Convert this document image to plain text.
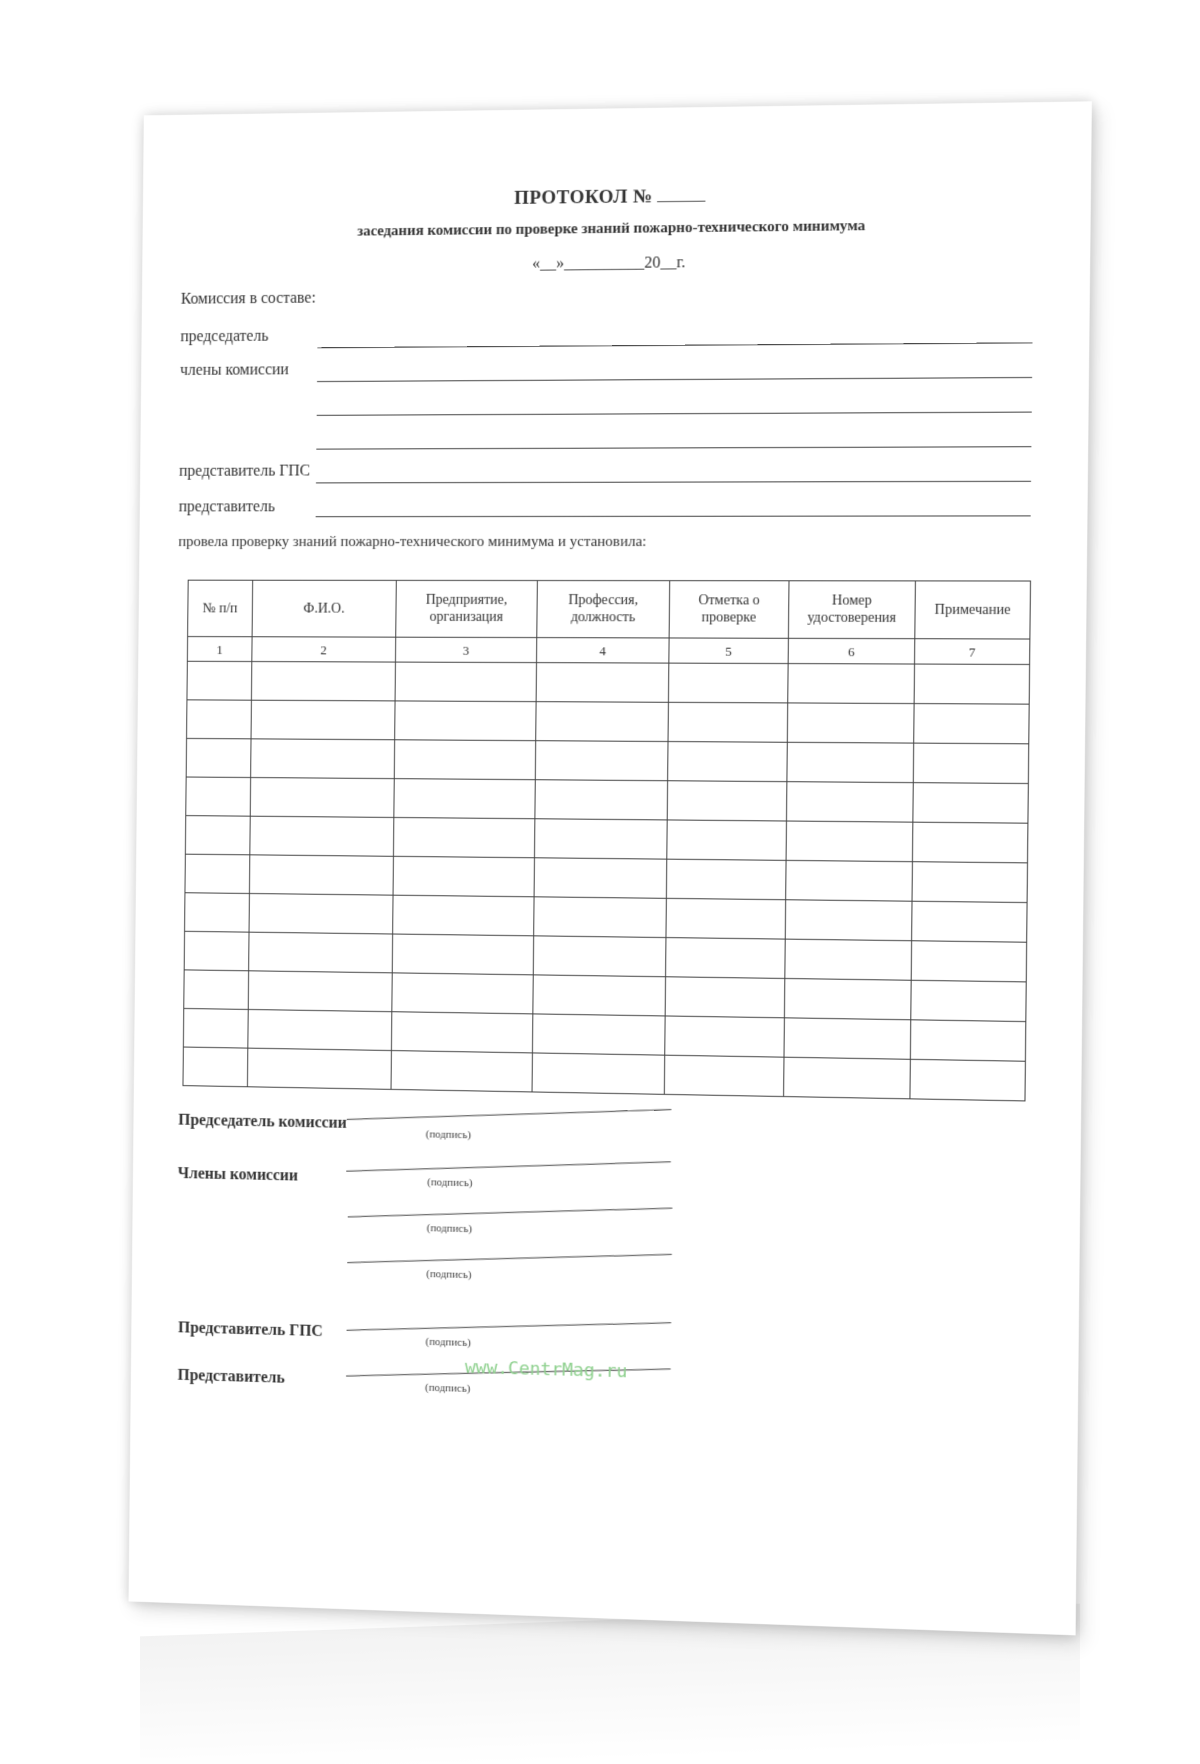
ПРОТОКОЛ №
заседания комиссии по проверке знаний пожарно-технического минимума
«__»__________20__г.
Комиссия в составе:
председатель
члены комиссии
представитель ГПС
представитель
провела проверку знаний пожарно-технического минимума и установила:
№ п/п	Ф.И.О.	Предприятие, организация	Профессия, должность	Отметка о проверке	Номер удостоверения	Примечание
1	2	3	4	5	6	7

Председатель комиссии
(подпись)
Члены комиссии	(подпись)
(подпись)
(подпись)
Представитель ГПС
(подпись)
Представитель
(подпись)
www.CentrMag.ru
